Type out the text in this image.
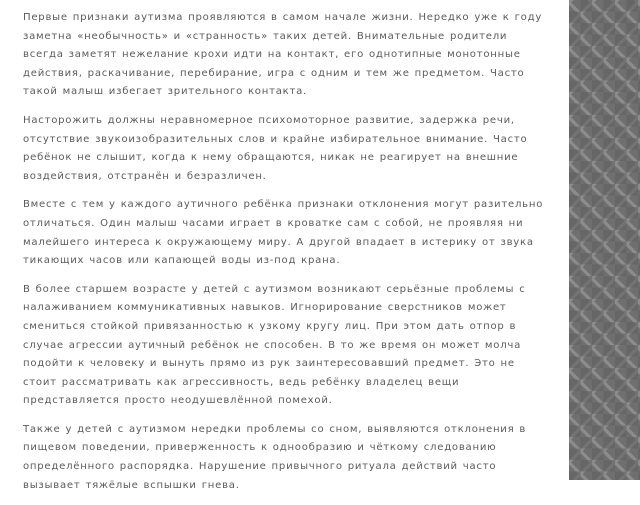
Первые признаки аутизма проявляются в самом начале жизни. Нередко уже к году заметна «необычность» и «странность» таких детей. Внимательные родители всегда заметят нежелание крохи идти на контакт, его однотипные монотонные действия, раскачивание, перебирание, игра с одним и тем же предметом. Часто такой малыш избегает зрительного контакта.

Насторожить должны неравномерное психомоторное развитие, задержка речи, отсутствие звукоизобразительных слов и крайне избирательное внимание. Часто ребёнок не слышит, когда к нему обращаются, никак не реагирует на внешние воздействия, отстранён и безразличен.

Вместе с тем у каждого аутичного ребёнка признаки отклонения могут разительно отличаться. Один малыш часами играет в кроватке сам с собой, не проявляя ни малейшего интереса к окружающему миру. А другой впадает в истерику от звука тикающих часов или капающей воды из-под крана.

В более старшем возрасте у детей с аутизмом возникают серьёзные проблемы с налаживанием коммуникативных навыков. Игнорирование сверстников может смениться стойкой привязанностью к узкому кругу лиц. При этом дать отпор в случае агрессии аутичный ребёнок не способен. В то же время он может молча подойти к человеку и вынуть прямо из рук заинтересовавший предмет. Это не стоит рассматривать как агрессивность, ведь ребёнку владелец вещи представляется просто неодушевлённой помехой.

Также у детей с аутизмом нередки проблемы со сном, выявляются отклонения в пищевом поведении, приверженность к однообразию и чёткому следованию определённого распорядка. Нарушение привычного ритуала действий часто вызывает тяжёлые вспышки гнева.
